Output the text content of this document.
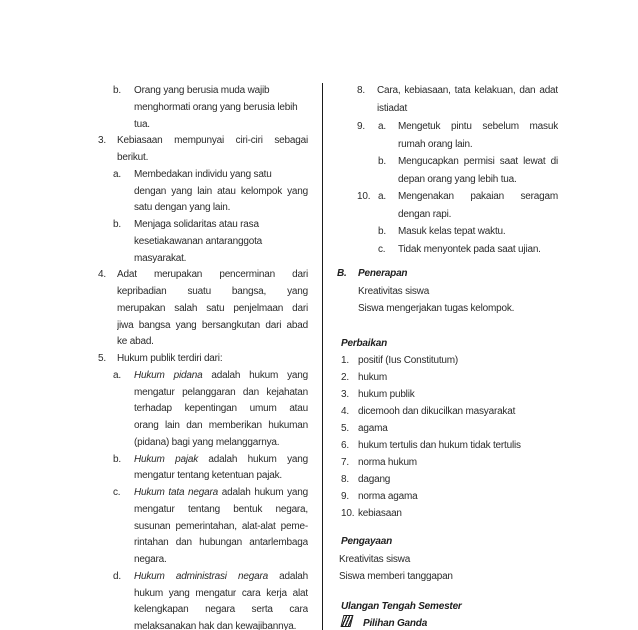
b. Orang yang berusia muda wajib
menghormati orang yang berusia lebih
tua.
3. Kebiasaan mempunyai ciri-ciri sebagai
berikut.
a. Membedakan individu yang satu
dengan yang lain atau kelompok yang
satu dengan yang lain.
b. Menjaga solidaritas atau rasa
kesetiakawanan antaranggota
masyarakat.
4. Adat merupakan pencerminan dari
kepribadian suatu bangsa, yang
merupakan salah satu penjelmaan dari
jiwa bangsa yang bersangkutan dari abad
ke abad.
5. Hukum publik terdiri dari:
a. Hukum pidana adalah hukum yang
mengatur pelanggaran dan kejahatan
terhadap kepentingan umum atau
orang lain dan memberikan hukuman
(pidana) bagi yang melanggarnya.
b. Hukum pajak adalah hukum yang
mengatur tentang ketentuan pajak.
c. Hukum tata negara adalah hukum yang
mengatur tentang bentuk negara,
susunan pemerintahan, alat-alat peme-
rintahan dan hubungan antarlembaga
negara.
d. Hukum administrasi negara adalah
hukum yang mengatur cara kerja alat
kelengkapan negara serta cara
melaksanakan hak dan kewajibannya.
8. Cara, kebiasaan, tata kelakuan, dan adat
istiadat
9. a. Mengetuk pintu sebelum masuk
rumah orang lain.
b. Mengucapkan permisi saat lewat di
depan orang yang lebih tua.
10. a. Mengenakan pakaian seragam
dengan rapi.
b. Masuk kelas tepat waktu.
c. Tidak menyontek pada saat ujian.
B. Penerapan
Kreativitas siswa
Siswa mengerjakan tugas kelompok.
Perbaikan
1. positif (Ius Constitutum)
2. hukum
3. hukum publik
4. dicemooh dan dikucilkan masyarakat
5. agama
6. hukum tertulis dan hukum tidak tertulis
7. norma hukum
8. dagang
9. norma agama
10. kebiasaan
Pengayaan
Kreativitas siswa
Siswa memberi tanggapan
Ulangan Tengah Semester
Pilihan Ganda
